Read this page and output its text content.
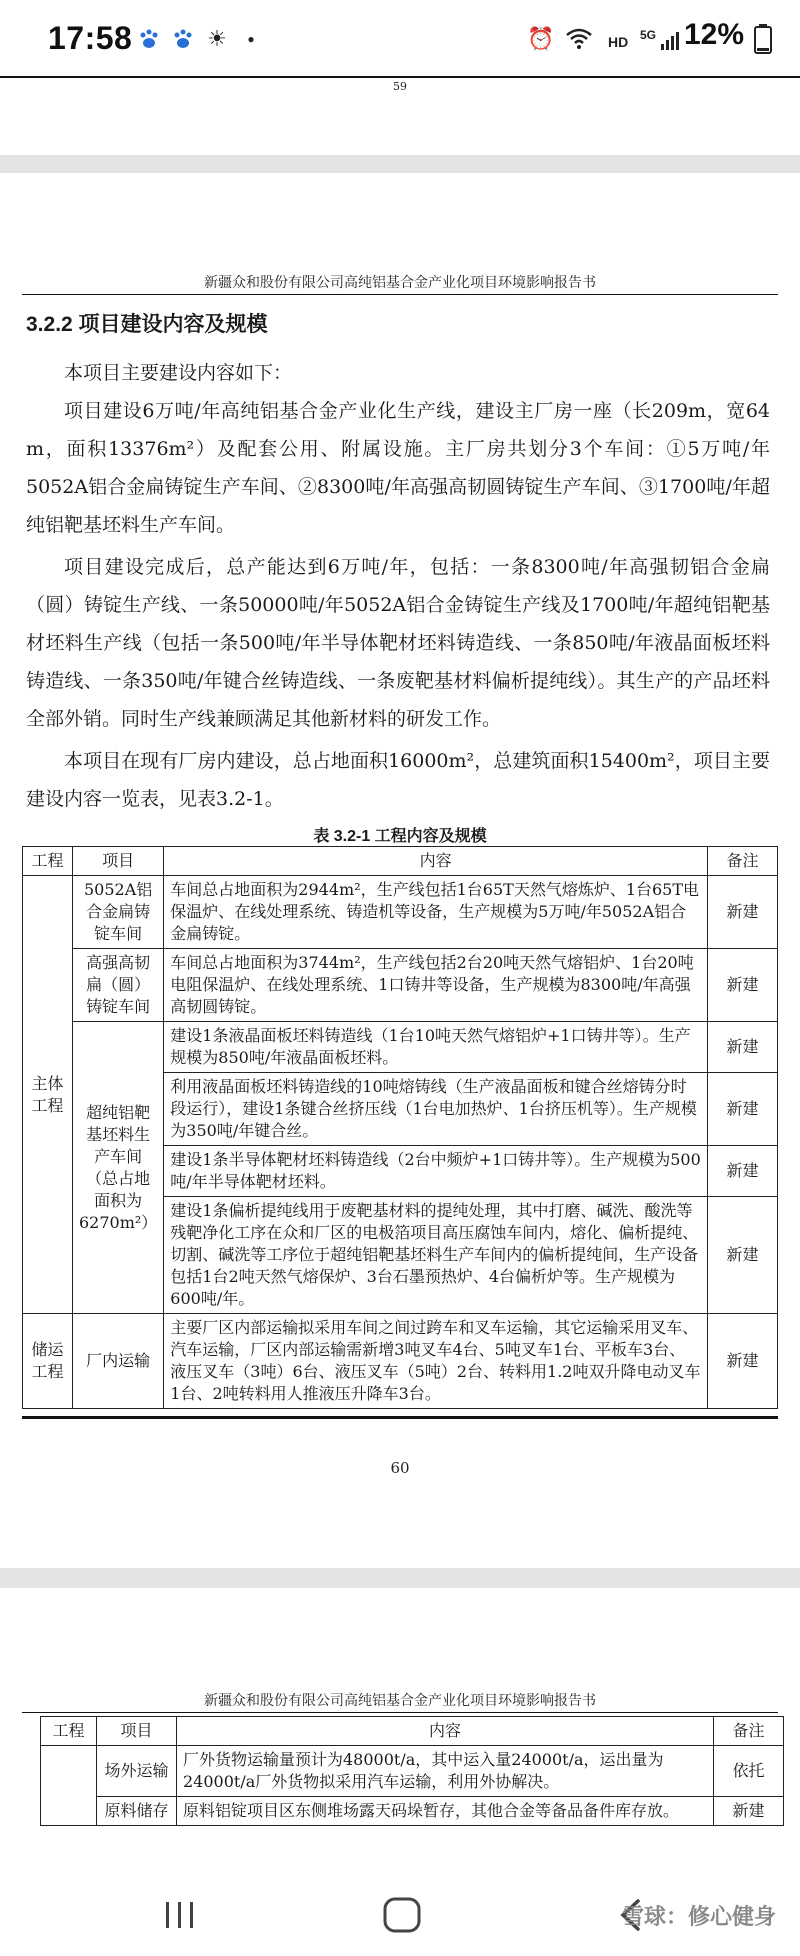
17:58	☀	●	⏰	HD 5G 12%
59
新疆众和股份有限公司高纯铝基合金产业化项目环境影响报告书
3.2.2 项目建设内容及规模
本项目主要建设内容如下：
项目建设6万吨/年高纯铝基合金产业化生产线，建设主厂房一座（长209m，宽64 m，面积13376m²）及配套公用、附属设施。主厂房共划分3个车间：①5万吨/年5052A铝合金扁铸锭生产车间、②8300吨/年高强高韧圆铸锭生产车间、③1700吨/年超纯铝靶基坯料生产车间。
项目建设完成后，总产能达到6万吨/年，包括：一条8300吨/年高强韧铝合金扁（圆）铸锭生产线、一条50000吨/年5052A铝合金铸锭生产线及1700吨/年超纯铝靶基材坯料生产线（包括一条500吨/年半导体靶材坯料铸造线、一条850吨/年液晶面板坯料铸造线、一条350吨/年键合丝铸造线、一条废靶基材料偏析提纯线）。其生产的产品坯料全部外销。同时生产线兼顾满足其他新材料的研发工作。
本项目在现有厂房内建设，总占地面积16000m²，总建筑面积15400m²，项目主要建设内容一览表，见表3.2-1。
表 3.2-1 工程内容及规模
工程	项目	内容	备注
主体工程	5052A铝合金扁铸锭车间	车间总占地面积为2944m²，生产线包括1台65T天然气熔炼炉、1台65T电保温炉、在线处理系统、铸造机等设备，生产规模为5万吨/年5052A铝合金扁铸锭。	新建
	高强高韧扁（圆）铸锭车间	车间总占地面积为3744m²，生产线包括2台20吨天然气熔铝炉、1台20吨电阻保温炉、在线处理系统、1口铸井等设备，生产规模为8300吨/年高强高韧圆铸锭。	新建
	超纯铝靶基坯料生产车间（总占地面积为6270m²）	建设1条液晶面板坯料铸造线（1台10吨天然气熔铝炉+1口铸井等）。生产规模为850吨/年液晶面板坯料。	新建
		利用液晶面板坯料铸造线的10吨熔铸线（生产液晶面板和键合丝熔铸分时段运行），建设1条键合丝挤压线（1台电加热炉、1台挤压机等）。生产规模为350吨/年键合丝。	新建
		建设1条半导体靶材坯料铸造线（2台中频炉+1口铸井等）。生产规模为500吨/年半导体靶材坯料。	新建
		建设1条偏析提纯线用于废靶基材料的提纯处理，其中打磨、碱洗、酸洗等残靶净化工序在众和厂区的电极箔项目高压腐蚀车间内，熔化、偏析提纯、切割、碱洗等工序位于超纯铝靶基坯料生产车间内的偏析提纯间，生产设备包括1台2吨天然气熔保炉、3台石墨预热炉、4台偏析炉等。生产规模为600吨/年。	新建
储运工程	厂内运输	主要厂区内部运输拟采用车间之间过跨车和叉车运输，其它运输采用叉车、汽车运输，厂区内部运输需新增3吨叉车4台、5吨叉车1台、平板车3台、液压叉车（3吨）6台、液压叉车（5吨）2台、转料用1.2吨双升降电动叉车1台、2吨转料用人推液压升降车3台。	新建
60
新疆众和股份有限公司高纯铝基合金产业化项目环境影响报告书
工程	项目	内容	备注
	场外运输	厂外货物运输量预计为48000t/a，其中运入量24000t/a，运出量为24000t/a厂外货物拟采用汽车运输，利用外协解决。	依托
	原料储存	原料铝锭项目区东侧堆场露天码垛暂存，其他合金等备品备件库存放。	新建
雪球：修心健身
